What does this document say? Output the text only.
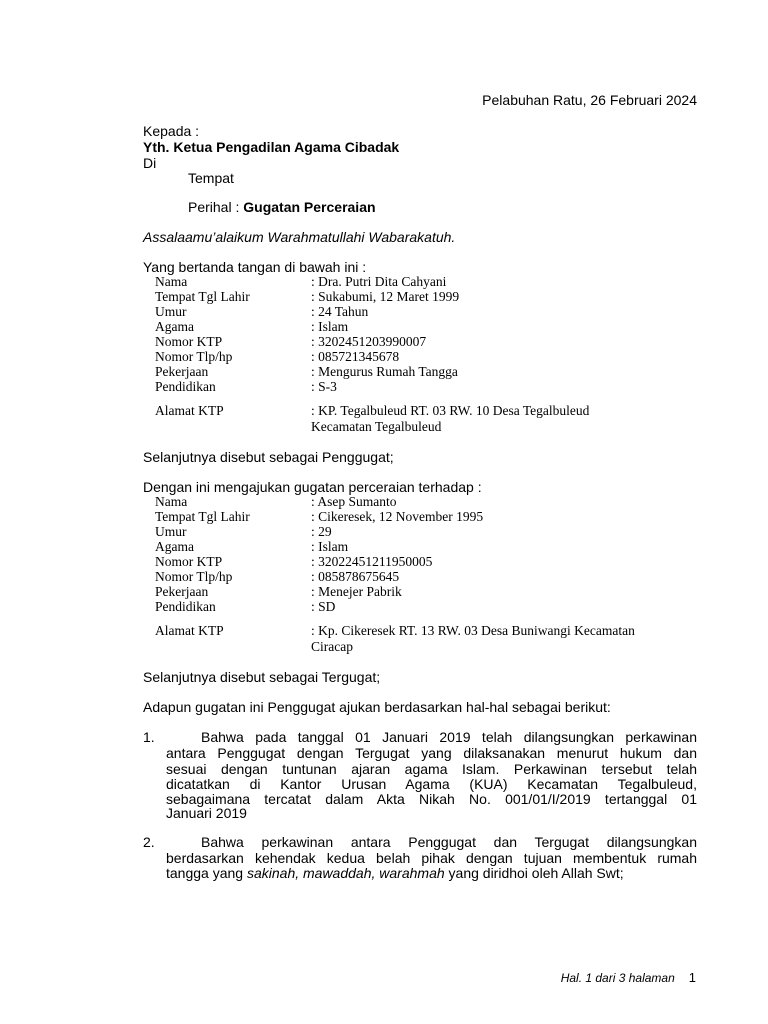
Pelabuhan Ratu, 26 Februari 2024
Kepada :
Yth. Ketua Pengadilan Agama Cibadak
Di
Tempat
Perihal : Gugatan Perceraian
Assalaamu’alaikum Warahmatullahi Wabarakatuh.
Yang bertanda tangan di bawah ini :
Nama	: Dra. Putri Dita Cahyani
Tempat Tgl Lahir	: Sukabumi, 12 Maret 1999
Umur	: 24 Tahun
Agama	: Islam
Nomor KTP	: 3202451203990007
Nomor Tlp/hp	: 085721345678
Pekerjaan	: Mengurus Rumah Tangga
Pendidikan	: S-3
Alamat KTP	: KP. Tegalbuleud RT. 03 RW. 10 Desa Tegalbuleud
Kecamatan Tegalbuleud
Selanjutnya disebut sebagai Penggugat;
Dengan ini mengajukan gugatan perceraian terhadap :
Nama	: Asep Sumanto
Tempat Tgl Lahir	: Cikeresek, 12 November 1995
Umur	: 29
Agama	: Islam
Nomor KTP	: 32022451211950005
Nomor Tlp/hp	: 085878675645
Pekerjaan	: Menejer Pabrik
Pendidikan	: SD
Alamat KTP	: Kp. Cikeresek RT. 13 RW. 03 Desa Buniwangi Kecamatan
Ciracap
Selanjutnya disebut sebagai Tergugat;
Adapun gugatan ini Penggugat ajukan berdasarkan hal-hal sebagai berikut:
1.	Bahwa pada tanggal 01 Januari 2019 telah dilangsungkan perkawinan
antara Penggugat dengan Tergugat yang dilaksanakan menurut hukum dan
sesuai dengan tuntunan ajaran agama Islam. Perkawinan tersebut telah
dicatatkan di Kantor Urusan Agama (KUA) Kecamatan Tegalbuleud,
sebagaimana tercatat dalam Akta Nikah No. 001/01/I/2019 tertanggal 01
Januari 2019
2.	Bahwa perkawinan antara Penggugat dan Tergugat dilangsungkan
berdasarkan kehendak kedua belah pihak dengan tujuan membentuk rumah
tangga yang sakinah, mawaddah, warahmah yang diridhoi oleh Allah Swt;
Hal. 1 dari 3 halaman 1
